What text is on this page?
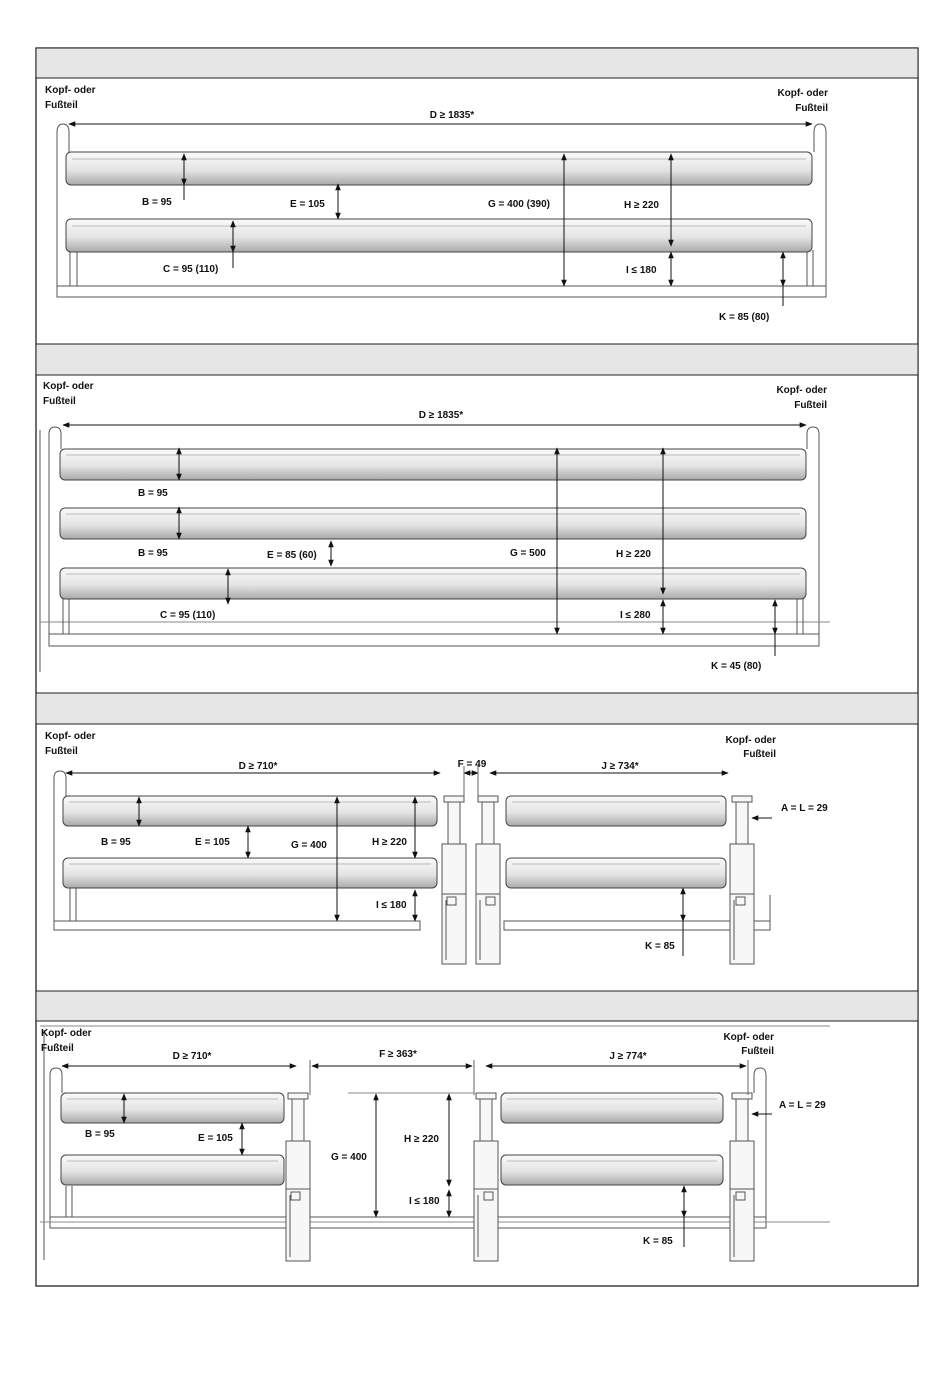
Kopf- oder
Fußteil
Kopf- oder
Fußteil
D ≥ 1835*
B = 95	E = 105	G = 400 (390)	H ≥ 220
C = 95 (110)	I ≤ 180
K = 85 (80)
Kopf- oder
Fußteil
Kopf- oder
Fußteil
D ≥ 1835*
B = 95
B = 95	E = 85 (60)	G = 500	H ≥ 220
C = 95 (110)	I ≤ 280
K = 45 (80)
Kopf- oder
Fußteil
Kopf- oder
Fußteil
D ≥ 710*	F = 49	J ≥ 734*
A = L = 29
B = 95	E = 105	G = 400	H ≥ 220
I ≤ 180
K = 85
Kopf- oder
Fußteil
Kopf- oder
Fußteil
D ≥ 710*	F ≥ 363*	J ≥ 774*
A = L = 29
B = 95	E = 105
G = 400
H ≥ 220
I ≤ 180
K = 85
